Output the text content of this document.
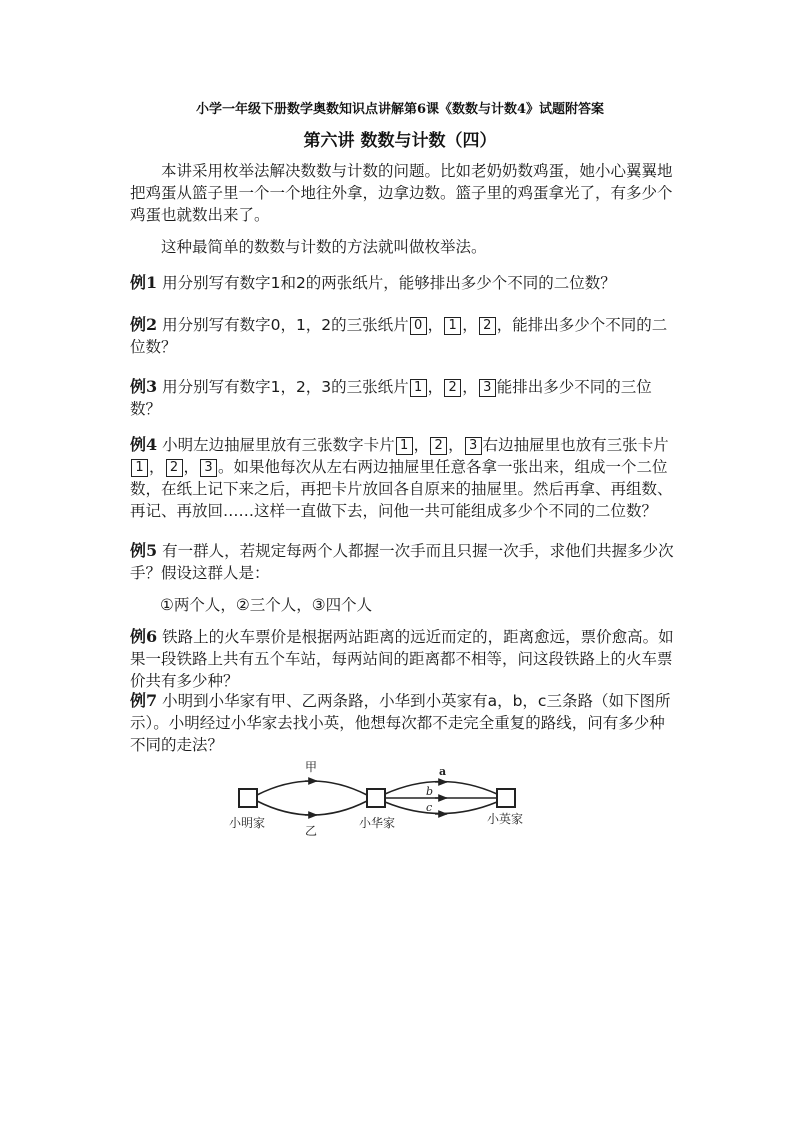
小学一年级下册数学奥数知识点讲解第6课《数数与计数4》试题附答案
第六讲 数数与计数（四）
本讲采用枚举法解决数数与计数的问题。比如老奶奶数鸡蛋，她小心翼翼地把鸡蛋从篮子里一个一个地往外拿，边拿边数。篮子里的鸡蛋拿光了，有多少个鸡蛋也就数出来了。
这种最简单的数数与计数的方法就叫做枚举法。
例1 用分别写有数字1和2的两张纸片，能够排出多少个不同的二位数？
例2 用分别写有数字0，1，2的三张纸片 0 ， 1 ， 2 ，能排出多少个不同的二位数？
例3 用分别写有数字1，2，3的三张纸片 1 ， 2 ， 3 能排出多少不同的三位数？
例4 小明左边抽屉里放有三张数字卡片 1 ， 2 ， 3 右边抽屉里也放有三张卡片1 ， 2 ， 3 。如果他每次从左右两边抽屉里任意各拿一张出来，组成一个二位数，在纸上记下来之后，再把卡片放回各自原来的抽屉里。然后再拿、再组数、再记、再放回……这样一直做下去，问他一共可能组成多少个不同的二位数？
例5 有一群人，若规定每两个人都握一次手而且只握一次手，求他们共握多少次手？假设这群人是：
①两个人，②三个人，③四个人
例6 铁路上的火车票价是根据两站距离的远近而定的，距离愈远，票价愈高。如果一段铁路上共有五个车站，每两站间的距离都不相等，问这段铁路上的火车票价共有多少种？
例7 小明到小华家有甲、乙两条路，小华到小英家有a，b，c三条路（如下图所示）。小明经过小华家去找小英，他想每次都不走完全重复的路线，问有多少种不同的走法？
甲
乙
a
b
c
小明家	小华家	小英家
